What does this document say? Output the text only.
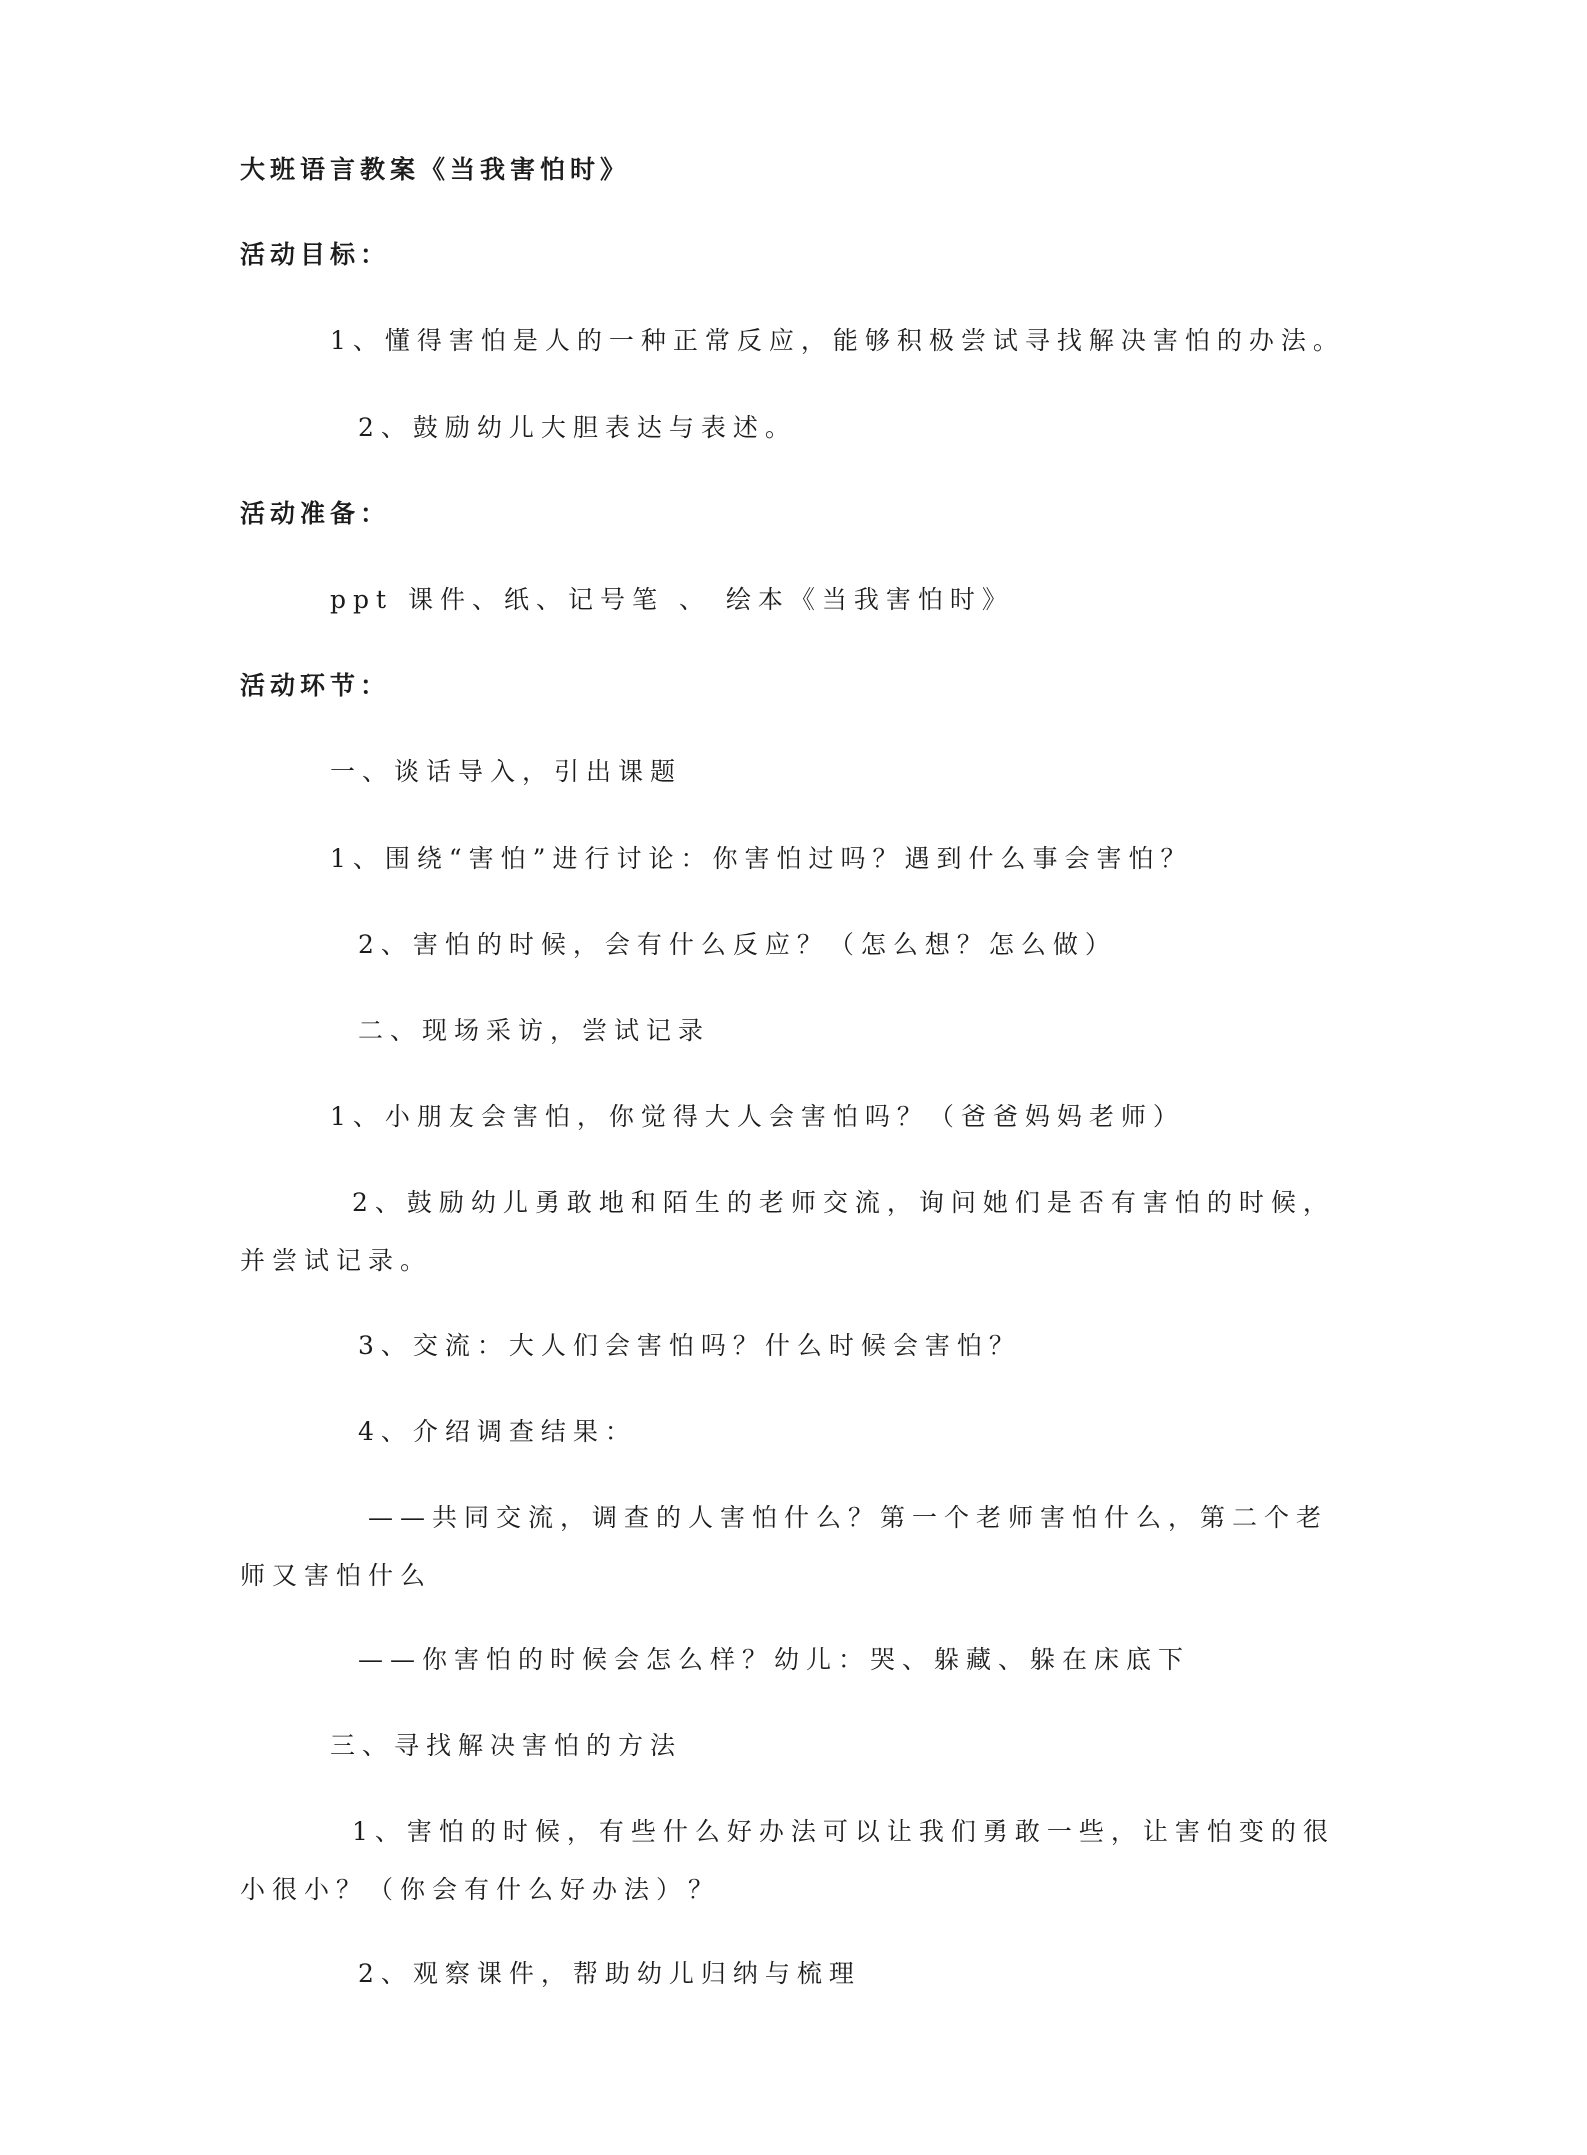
大班语言教案《当我害怕时》
活动目标：
1、懂得害怕是人的一种正常反应，能够积极尝试寻找解决害怕的办法。
2、鼓励幼儿大胆表达与表述。
活动准备：
ppt 课件、纸、记号笔 、 绘本《当我害怕时》
活动环节：
一、谈话导入，引出课题
1、围绕“害怕”进行讨论：你害怕过吗？遇到什么事会害怕？
2、害怕的时候，会有什么反应？（怎么想？怎么做）
二、现场采访，尝试记录
1、小朋友会害怕，你觉得大人会害怕吗？（爸爸妈妈老师）
2、鼓励幼儿勇敢地和陌生的老师交流，询问她们是否有害怕的时候，并尝试记录。
3、交流：大人们会害怕吗？什么时候会害怕？
4、介绍调查结果：
——共同交流，调查的人害怕什么？第一个老师害怕什么，第二个老师又害怕什么
——你害怕的时候会怎么样？幼儿：哭、躲藏、躲在床底下
三、寻找解决害怕的方法
1、害怕的时候，有些什么好办法可以让我们勇敢一些，让害怕变的很小很小？（你会有什么好办法）？
2、观察课件，帮助幼儿归纳与梳理
